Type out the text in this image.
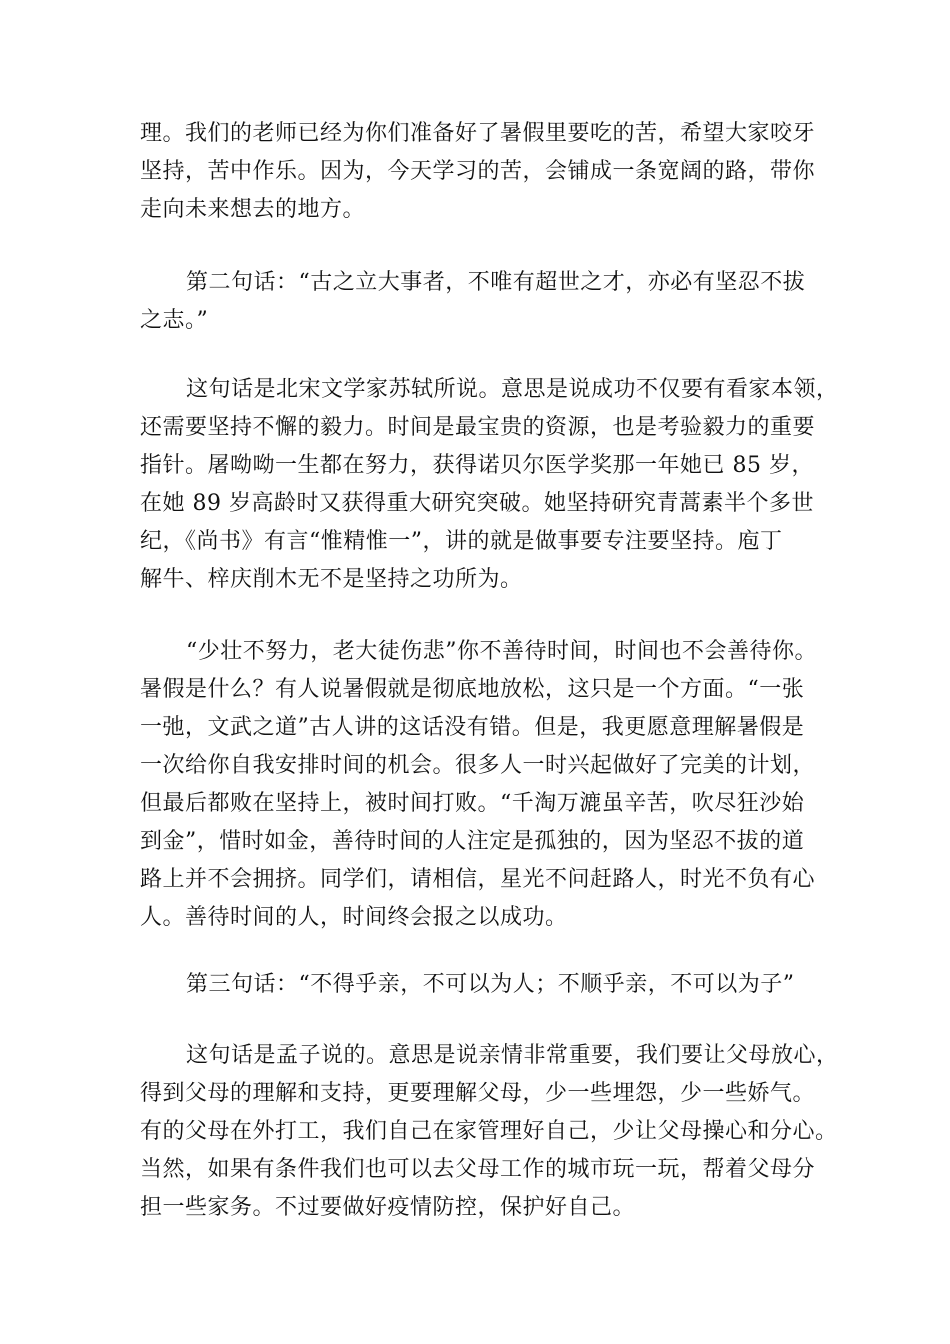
理。我们的老师已经为你们准备好了暑假里要吃的苦，希望大家咬牙
坚持，苦中作乐。因为，今天学习的苦，会铺成一条宽阔的路，带你
走向未来想去的地方。
第二句话：“古之立大事者，不唯有超世之才，亦必有坚忍不拔
之志。”
这句话是北宋文学家苏轼所说。意思是说成功不仅要有看家本领，
还需要坚持不懈的毅力。时间是最宝贵的资源，也是考验毅力的重要
指针。屠呦呦一生都在努力，获得诺贝尔医学奖那一年她已 85 岁，
在她 89 岁高龄时又获得重大研究突破。她坚持研究青蒿素半个多世
纪，《尚书》有言“惟精惟一”，讲的就是做事要专注要坚持。庖丁
解牛、梓庆削木无不是坚持之功所为。
“少壮不努力，老大徒伤悲”你不善待时间，时间也不会善待你。
暑假是什么？有人说暑假就是彻底地放松，这只是一个方面。“一张
一弛，文武之道”古人讲的这话没有错。但是，我更愿意理解暑假是
一次给你自我安排时间的机会。很多人一时兴起做好了完美的计划，
但最后都败在坚持上，被时间打败。“千淘万漉虽辛苦，吹尽狂沙始
到金”，惜时如金，善待时间的人注定是孤独的，因为坚忍不拔的道
路上并不会拥挤。同学们，请相信，星光不问赶路人，时光不负有心
人。善待时间的人，时间终会报之以成功。
第三句话：“不得乎亲，不可以为人；不顺乎亲，不可以为子”
这句话是孟子说的。意思是说亲情非常重要，我们要让父母放心，
得到父母的理解和支持，更要理解父母，少一些埋怨，少一些娇气。
有的父母在外打工，我们自己在家管理好自己，少让父母操心和分心。
当然，如果有条件我们也可以去父母工作的城市玩一玩，帮着父母分
担一些家务。不过要做好疫情防控，保护好自己。
